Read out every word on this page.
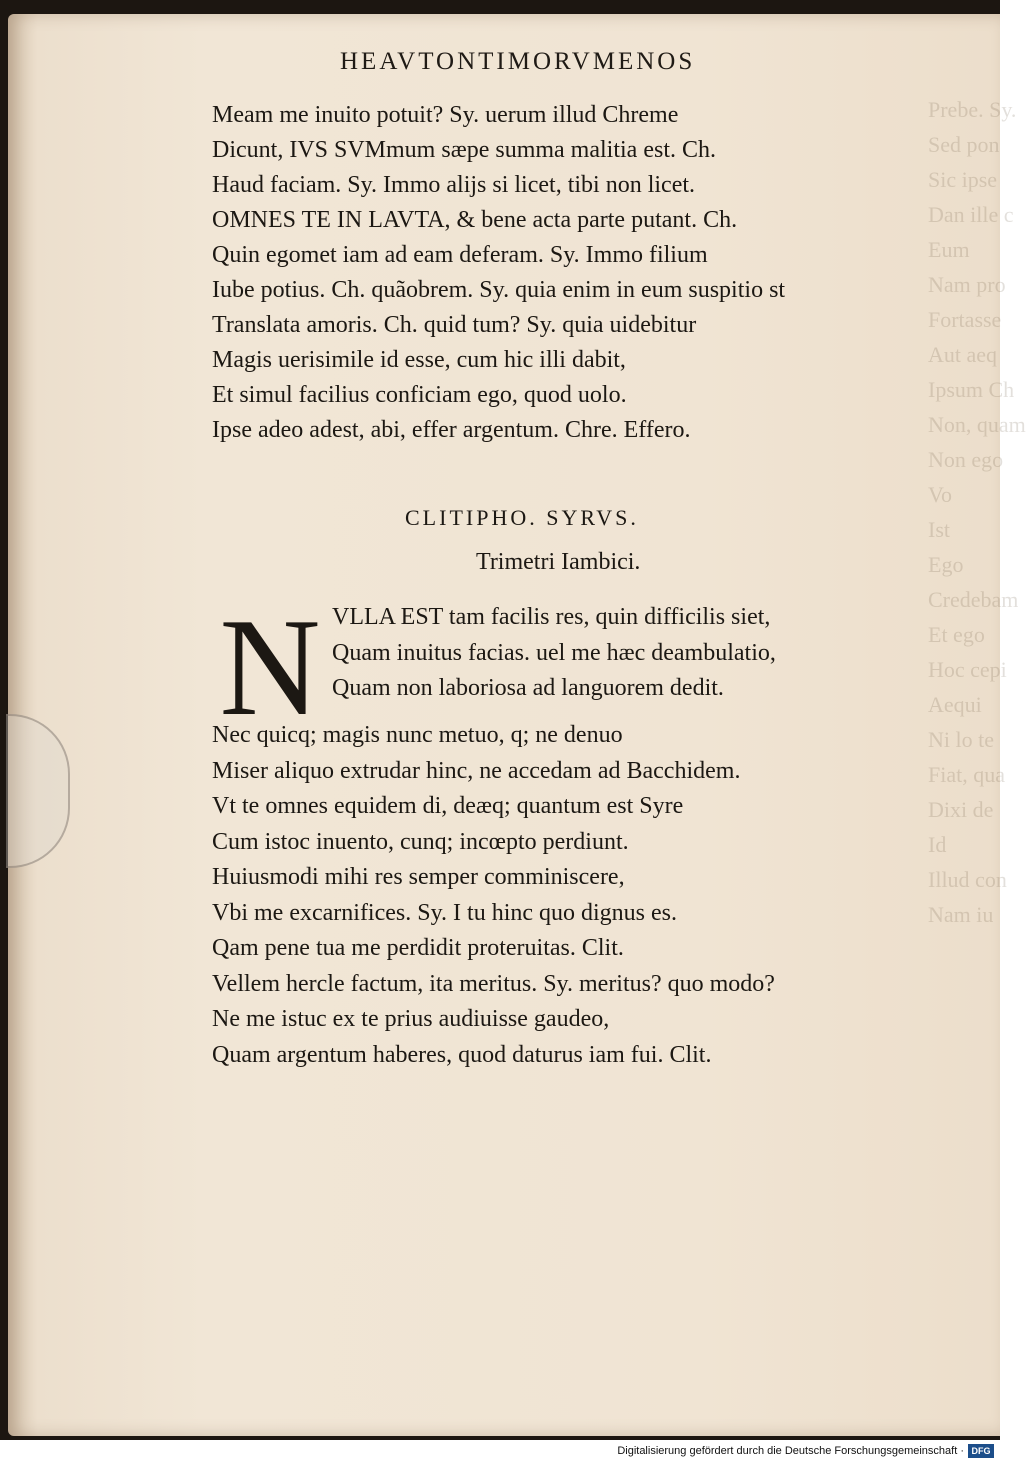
Prebe. Sy.
Sed pon
Sic ipse
Dan ille c
Eum
Nam pro
Fortasse
Aut aeq
Ipsum Ch
Non, quam
Non ego
Vo
Ist
Ego
Credebam
Et ego
Hoc cepi
Aequi
Ni lo te
Fiat, qua
Dixi de
Id
Illud con
Nam iu
HEAVTONTIMORVMENOS
Meam me inuito potuit? Sy. uerum illud Chreme
Dicunt, IVS SVMmum sæpe summa malitia est. Ch.
Haud faciam. Sy. Immo alijs si licet, tibi non licet.
OMNES TE IN LAVTA, & bene acta parte putant. Ch.
Quin egomet iam ad eam deferam. Sy. Immo filium
Iube potius. Ch. quãobrem. Sy. quia enim in eum suspitio st
Translata amoris. Ch. quid tum? Sy. quia uidebitur
Magis uerisimile id esse, cum hic illi dabit,
Et simul facilius conficiam ego, quod uolo.
Ipse adeo adest, abi, effer argentum. Chre. Effero.
CLITIPHO. SYRVS.
Trimetri Iambici.
N VLLA EST tam facilis res, quin difficilis siet,
Quam inuitus facias. uel me hæc deambulatio,
Quam non laboriosa ad languorem dedit.
Nec quicq; magis nunc metuo, q; ne denuo
Miser aliquo extrudar hinc, ne accedam ad Bacchidem.
Vt te omnes equidem di, deæq; quantum est Syre
Cum istoc inuento, cunq; incœpto perdiunt.
Huiusmodi mihi res semper comminiscere,
Vbi me excarnifices. Sy. I tu hinc quo dignus es.
Qam pene tua me perdidit proteruitas. Clit.
Vellem hercle factum, ita meritus. Sy. meritus? quo modo?
Ne me istuc ex te prius audiuisse gaudeo,
Quam argentum haberes, quod daturus iam fui. Clit.
Digitalisierung gefördert durch die Deutsche Forschungsgemeinschaft · DFG
